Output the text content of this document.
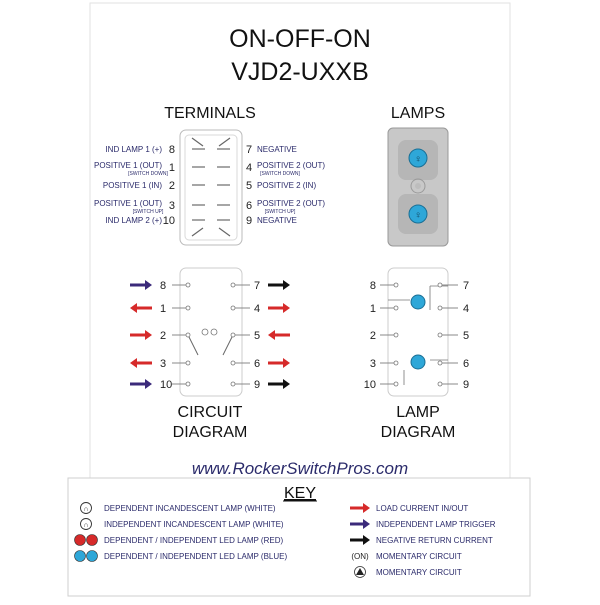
ON-OFF-ON
VJD2-UXXB
TERMINALS
IND LAMP 1 (+) 8
POSITIVE 1 (OUT)
[SWITCH DOWN] 1
POSITIVE 1 (IN) 2
POSITIVE 1 (OUT)
[SWITCH UP] 3
IND LAMP 2 (+) 10
7 NEGATIVE
4 POSITIVE 2 (OUT)
[SWITCH DOWN]
5 POSITIVE 2 (IN)
6 POSITIVE 2 (OUT)
[SWITCH UP]
9 NEGATIVE
LAMPS
♀
♀
8
1
2
3
10
7
4
5
6
9
CIRCUIT
DIAGRAM
8
1
2
3
10
7
4
5
6
9
LAMP
DIAGRAM
www.RockerSwitchPros.com
KEY
∩ DEPENDENT INCANDESCENT LAMP (WHITE)
∩ INDEPENDENT INCANDESCENT LAMP (WHITE)
DEPENDENT / INDEPENDENT LED LAMP (RED)
DEPENDENT / INDEPENDENT LED LAMP (BLUE)
LOAD CURRENT IN/OUT
INDEPENDENT LAMP TRIGGER
NEGATIVE RETURN CURRENT
(ON) MOMENTARY CIRCUIT
MOMENTARY CIRCUIT
